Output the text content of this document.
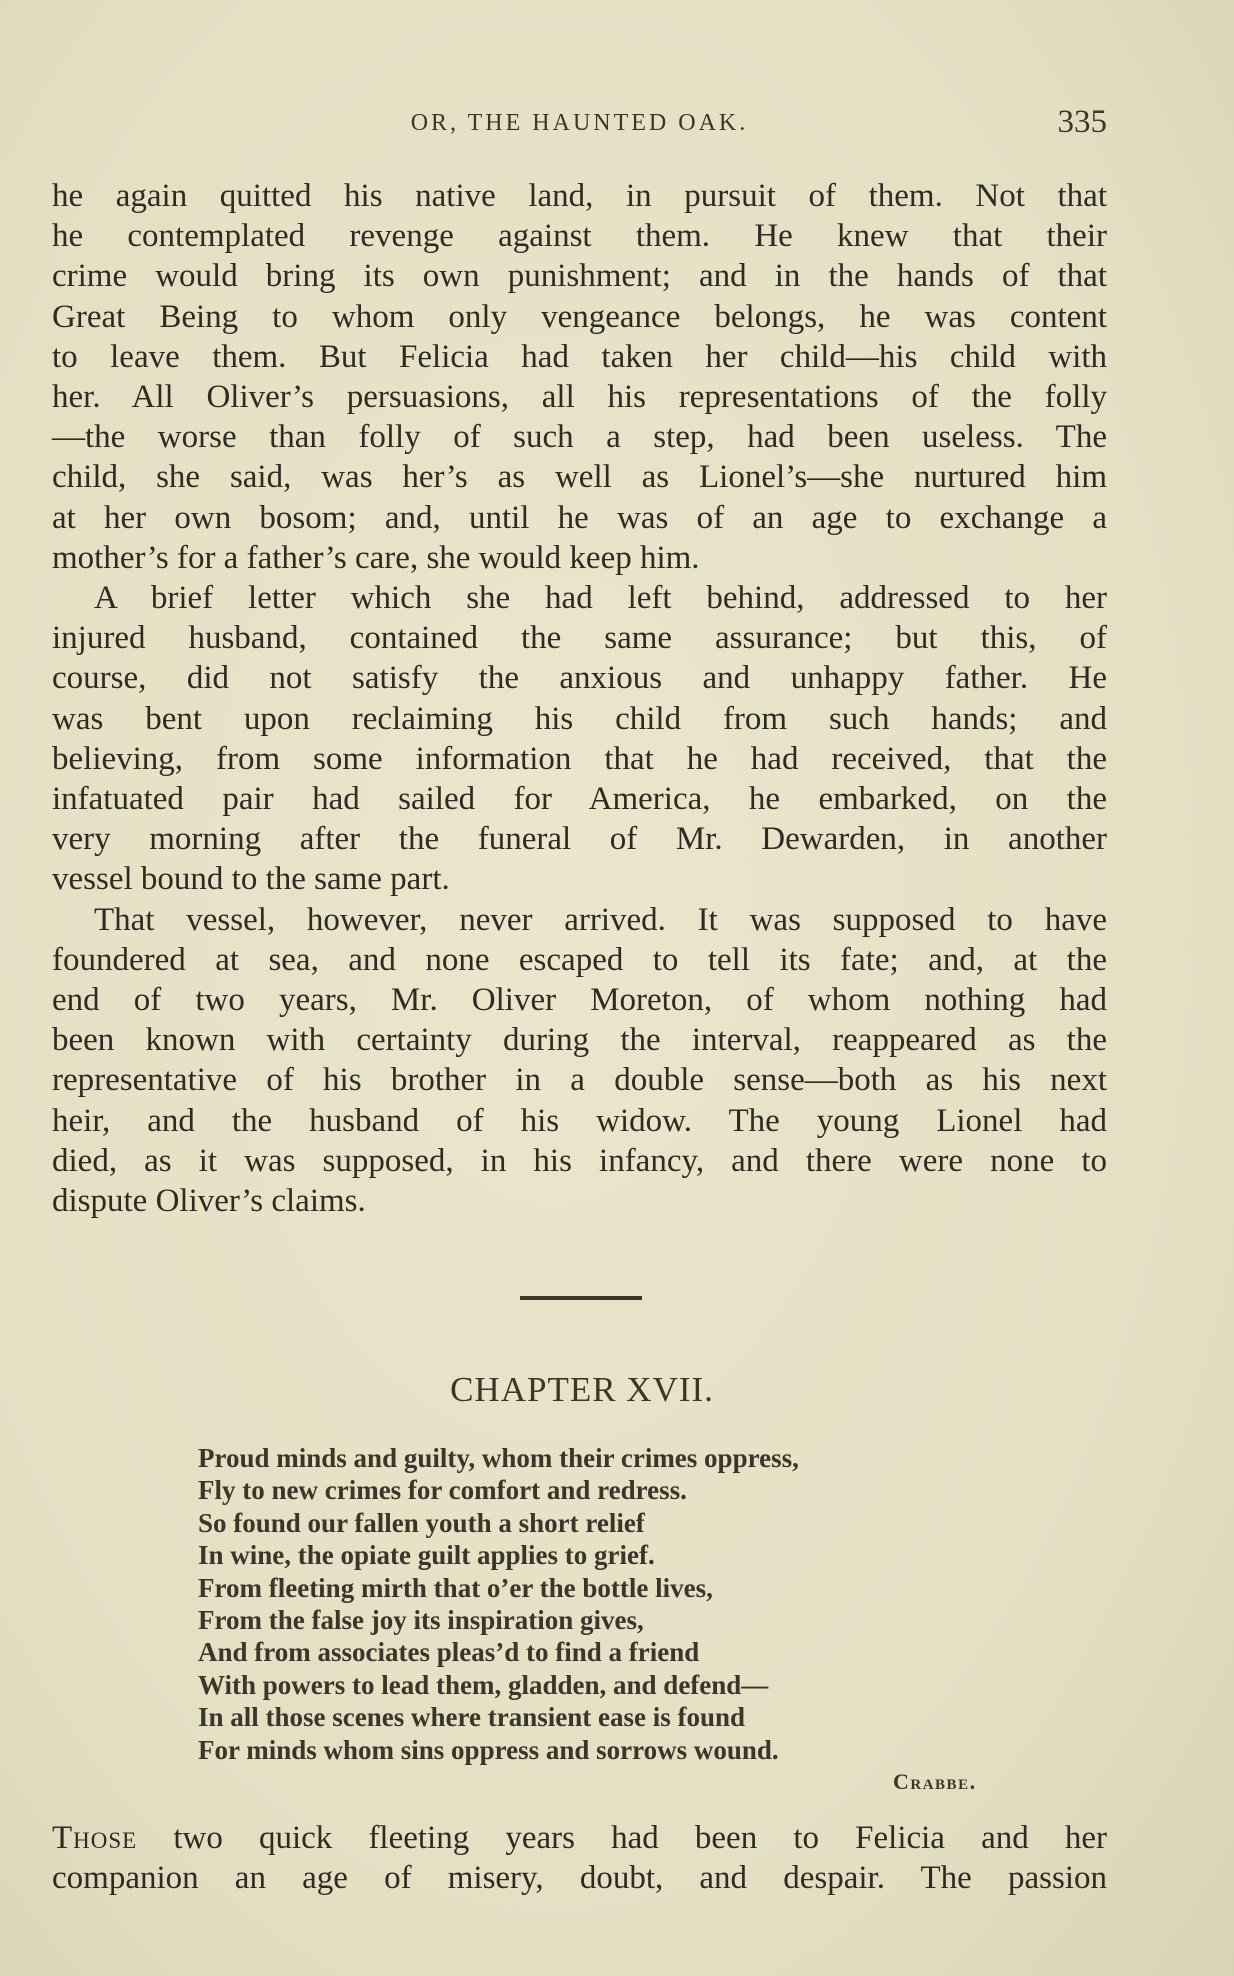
OR, THE HAUNTED OAK.	335

he again quitted his native land, in pursuit of them. Not that
he contemplated revenge against them. He knew that their
crime would bring its own punishment; and in the hands of that
Great Being to whom only vengeance belongs, he was content
to leave them. But Felicia had taken her child—his child with
her. All Oliver’s persuasions, all his representations of the folly
—the worse than folly of such a step, had been useless. The
child, she said, was her’s as well as Lionel’s—she nurtured him
at her own bosom; and, until he was of an age to exchange a
mother’s for a father’s care, she would keep him.

A brief letter which she had left behind, addressed to her
injured husband, contained the same assurance; but this, of
course, did not satisfy the anxious and unhappy father. He
was bent upon reclaiming his child from such hands; and
believing, from some information that he had received, that the
infatuated pair had sailed for America, he embarked, on the
very morning after the funeral of Mr. Dewarden, in another
vessel bound to the same part.

That vessel, however, never arrived. It was supposed to have
foundered at sea, and none escaped to tell its fate; and, at the
end of two years, Mr. Oliver Moreton, of whom nothing had
been known with certainty during the interval, reappeared as the
representative of his brother in a double sense—both as his next
heir, and the husband of his widow. The young Lionel had
died, as it was supposed, in his infancy, and there were none to
dispute Oliver’s claims.

CHAPTER XVII.
Proud minds and guilty, whom their crimes oppress,
Fly to new crimes for comfort and redress.
So found our fallen youth a short relief
In wine, the opiate guilt applies to grief.
From fleeting mirth that o’er the bottle lives,
From the false joy its inspiration gives,
And from associates pleas’d to find a friend
With powers to lead them, gladden, and defend—
In all those scenes where transient ease is found
For minds whom sins oppress and sorrows wound.
Crabbe.
Those two quick fleeting years had been to Felicia and her
companion an age of misery, doubt, and despair. The passion
